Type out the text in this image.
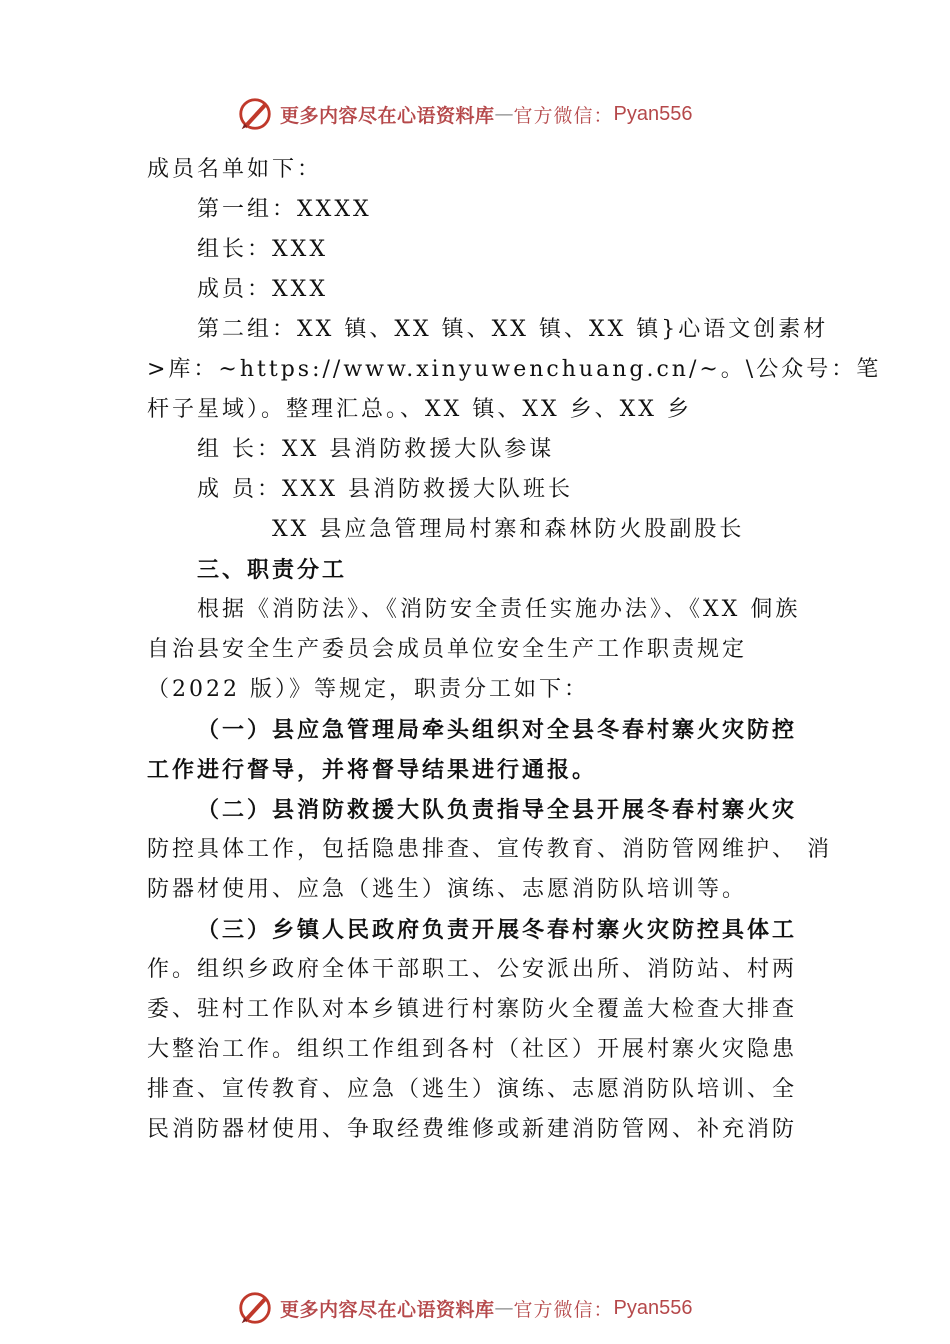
更多内容尽在心语资料库 — 官方微信： Pyan556

成员名单如下：

第一组：XXXX

组长：XXX

成员：XXX

第二组：XX 镇、XX 镇、XX 镇、XX 镇}心语文创素材

>库：~https://www.xinyuwenchuang.cn/~。\公众号：笔

杆子星域）。整理汇总。、XX 镇、XX 乡、XX 乡

组 长：XX 县消防救援大队参谋

成 员：XXX 县消防救援大队班长

XX 县应急管理局村寨和森林防火股副股长

三、职责分工

根据《消防法》、《消防安全责任实施办法》、《XX 侗族

自治县安全生产委员会成员单位安全生产工作职责规定

（2022 版）》等规定，职责分工如下：

（一）县应急管理局牵头组织对全县冬春村寨火灾防控

工作进行督导，并将督导结果进行通报。

（二）县消防救援大队负责指导全县开展冬春村寨火灾

防控具体工作，包括隐患排查、宣传教育、消防管网维护、 消

防器材使用、应急（逃生）演练、志愿消防队培训等。

（三）乡镇人民政府负责开展冬春村寨火灾防控具体工

作。组织乡政府全体干部职工、公安派出所、消防站、村两

委、驻村工作队对本乡镇进行村寨防火全覆盖大检查大排查

大整治工作。组织工作组到各村（社区）开展村寨火灾隐患

排查、宣传教育、应急（逃生）演练、志愿消防队培训、全

民消防器材使用、争取经费维修或新建消防管网、补充消防

更多内容尽在心语资料库 — 官方微信： Pyan556
